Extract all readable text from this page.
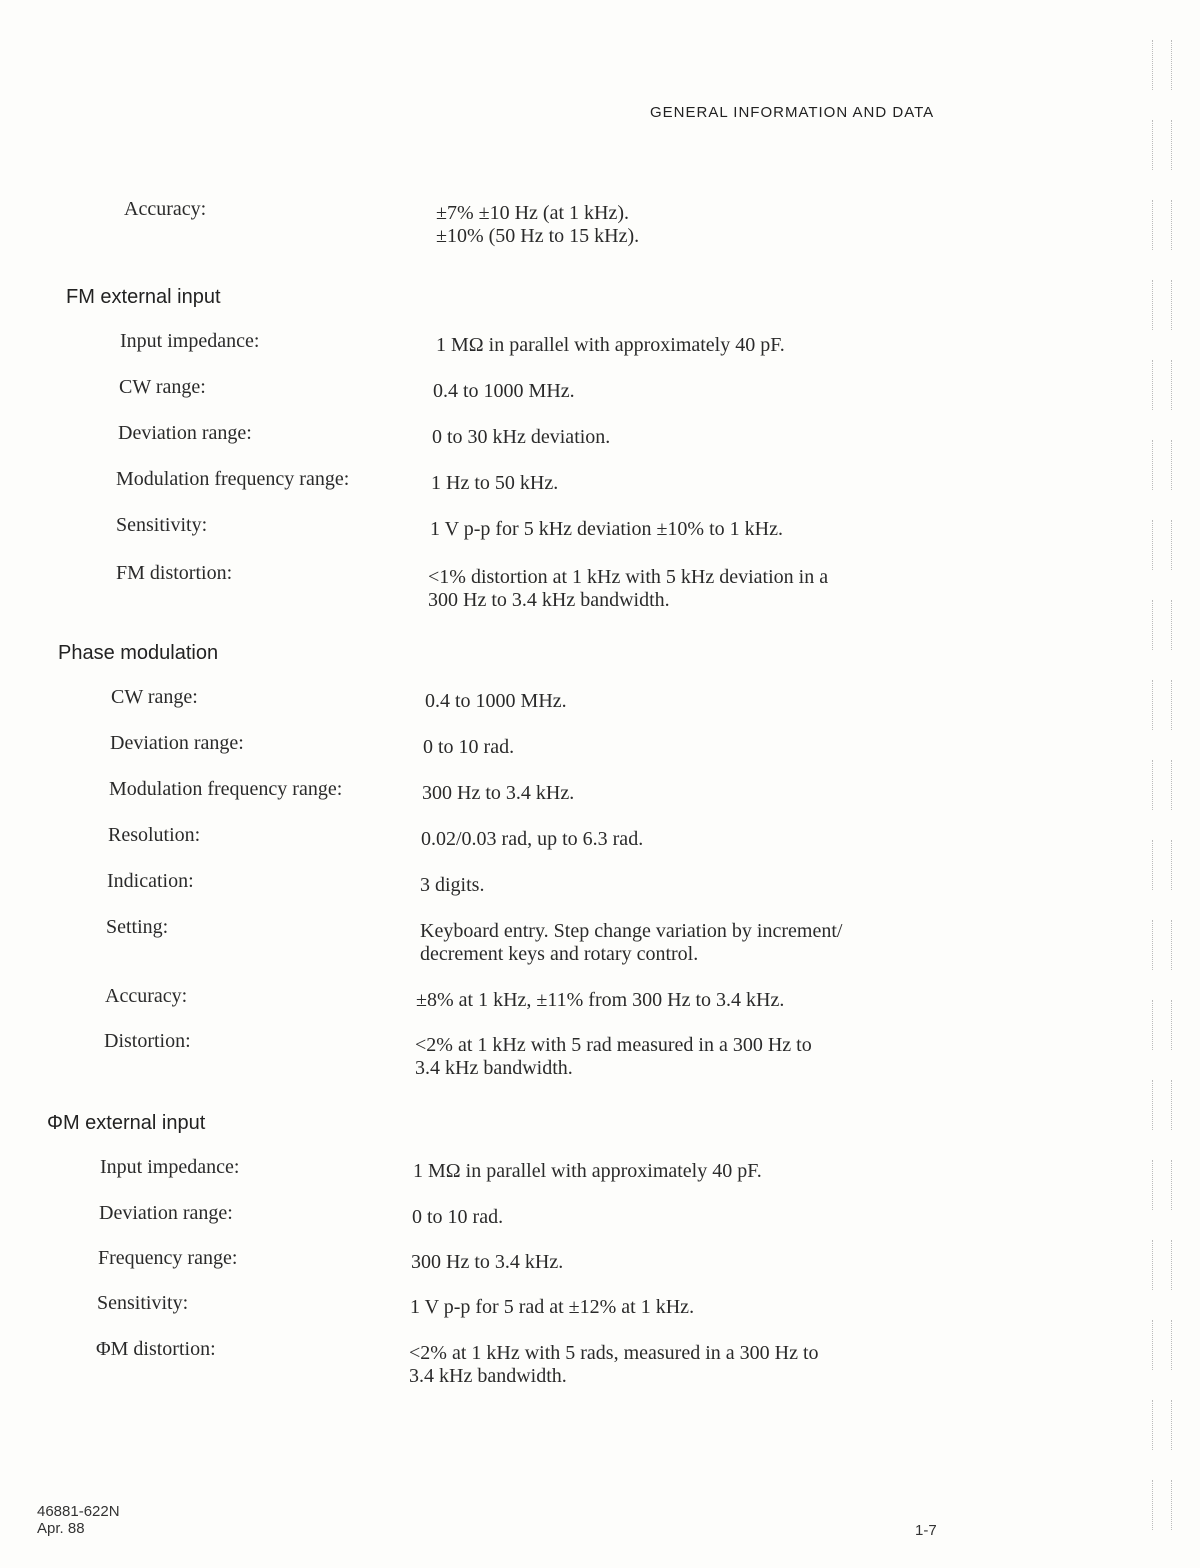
GENERAL INFORMATION AND DATA
Accuracy:	±7% ±10 Hz (at 1 kHz).
±10% (50 Hz to 15 kHz).
FM external input
Input impedance:	1 MΩ in parallel with approximately 40 pF.
CW range:	0.4 to 1000 MHz.
Deviation range:	0 to 30 kHz deviation.
Modulation frequency range:	1 Hz to 50 kHz.
Sensitivity:	1 V p-p for 5 kHz deviation ±10% to 1 kHz.
FM distortion:	<1% distortion at 1 kHz with 5 kHz deviation in a
300 Hz to 3.4 kHz bandwidth.
Phase modulation
CW range:	0.4 to 1000 MHz.
Deviation range:	0 to 10 rad.
Modulation frequency range:	300 Hz to 3.4 kHz.
Resolution:	0.02/0.03 rad, up to 6.3 rad.
Indication:	3 digits.
Setting:	Keyboard entry. Step change variation by increment/
decrement keys and rotary control.
Accuracy:	±8% at 1 kHz, ±11% from 300 Hz to 3.4 kHz.
Distortion:	<2% at 1 kHz with 5 rad measured in a 300 Hz to
3.4 kHz bandwidth.
ΦM external input
Input impedance:	1 MΩ in parallel with approximately 40 pF.
Deviation range:	0 to 10 rad.
Frequency range:	300 Hz to 3.4 kHz.
Sensitivity:	1 V p-p for 5 rad at ±12% at 1 kHz.
ΦM distortion:	<2% at 1 kHz with 5 rads, measured in a 300 Hz to
3.4 kHz bandwidth.
46881-622N
Apr. 88	1-7
